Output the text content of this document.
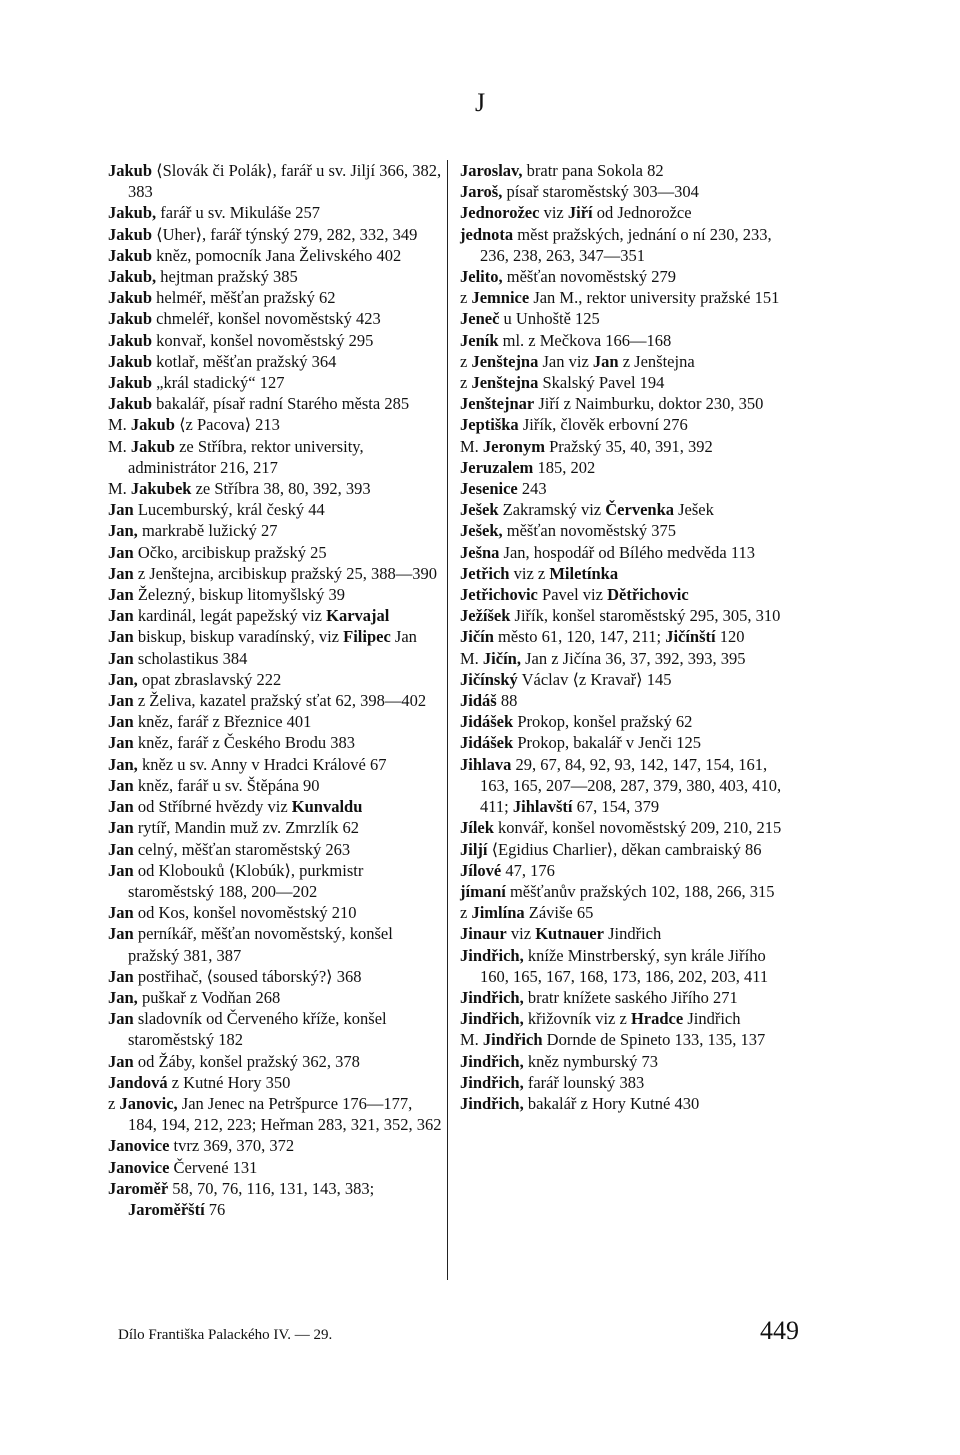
J

Jakub ⟨Slovák či Polák⟩, farář u sv. Jiljí 366, 382, 383

Jakub, farář u sv. Mikuláše 257

Jakub ⟨Uher⟩, farář týnský 279, 282, 332, 349

Jakub kněz, pomocník Jana Želivského 402

Jakub, hejtman pražský 385

Jakub helméř, měšťan pražský 62

Jakub chmeléř, konšel novoměstský 423

Jakub konvař, konšel novoměstský 295

Jakub kotlař, měšťan pražský 364

Jakub „král stadický“ 127

Jakub bakalář, písař radní Starého města 285

M. Jakub ⟨z Pacova⟩ 213

M. Jakub ze Stříbra, rektor university, administrátor 216, 217

M. Jakubek ze Stříbra 38, 80, 392, 393

Jan Lucemburský, král český 44

Jan, markrabě lužický 27

Jan Očko, arcibiskup pražský 25

Jan z Jenštejna, arcibiskup pražský 25, 388—390

Jan Železný, biskup litomyšlský 39

Jan kardinál, legát papežský viz Karvajal

Jan biskup, biskup varadínský, viz Filipec Jan

Jan scholastikus 384

Jan, opat zbraslavský 222

Jan z Želiva, kazatel pražský sťat 62, 398—402

Jan kněz, farář z Březnice 401

Jan kněz, farář z Českého Brodu 383

Jan, kněz u sv. Anny v Hradci Králové 67

Jan kněz, farář u sv. Štěpána 90

Jan od Stříbrné hvězdy viz Kunvaldu

Jan rytíř, Mandin muž zv. Zmrzlík 62

Jan celný, měšťan staroměstský 263

Jan od Klobouků ⟨Klobúk⟩, purkmistr staroměstský 188, 200—202

Jan od Kos, konšel novoměstský 210

Jan perníkář, měšťan novoměstský, konšel pražský 381, 387

Jan postřihač, ⟨soused táborský?⟩ 368

Jan, puškař z Vodňan 268

Jan sladovník od Červeného kříže, konšel staroměstský 182

Jan od Žáby, konšel pražský 362, 378

Jandová z Kutné Hory 350

z Janovic, Jan Jenec na Petršpurce 176—177, 184, 194, 212, 223; Heřman 283, 321, 352, 362

Janovice tvrz 369, 370, 372

Janovice Červené 131

Jaroměř 58, 70, 76, 116, 131, 143, 383; Jaroměřští 76

Jaroslav, bratr pana Sokola 82

Jaroš, písař staroměstský 303—304

Jednorožec viz Jiří od Jednorožce

jednota měst pražských, jednání o ní 230, 233, 236, 238, 263, 347—351

Jelito, měšťan novoměstský 279

z Jemnice Jan M., rektor university pražské 151

Jeneč u Unhoště 125

Jeník ml. z Mečkova 166—168

z Jenštejna Jan viz Jan z Jenštejna

z Jenštejna Skalský Pavel 194

Jenštejnar Jiří z Naimburku, doktor 230, 350

Jeptiška Jiřík, člověk erbovní 276

M. Jeronym Pražský 35, 40, 391, 392

Jeruzalem 185, 202

Jesenice 243

Ješek Zakramský viz Červenka Ješek

Ješek, měšťan novoměstský 375

Ješna Jan, hospodář od Bílého medvěda 113

Jetřich viz z Miletínka

Jetřichovic Pavel viz Dětřichovic

Ježíšek Jiřík, konšel staroměstský 295, 305, 310

Jičín město 61, 120, 147, 211; Jičínští 120

M. Jičín, Jan z Jičína 36, 37, 392, 393, 395

Jičínský Václav ⟨z Kravař⟩ 145

Jidáš 88

Jidášek Prokop, konšel pražský 62

Jidášek Prokop, bakalář v Jenči 125

Jihlava 29, 67, 84, 92, 93, 142, 147, 154, 161, 163, 165, 207—208, 287, 379, 380, 403, 410, 411; Jihlavští 67, 154, 379

Jílek konvář, konšel novoměstský 209, 210, 215

Jiljí ⟨Egidius Charlier⟩, děkan cambraiský 86

Jílové 47, 176

jímaní měšťanův pražských 102, 188, 266, 315

z Jimlína Záviše 65

Jinaur viz Kutnauer Jindřich

Jindřich, kníže Minstrberský, syn krále Jiřího 160, 165, 167, 168, 173, 186, 202, 203, 411

Jindřich, bratr knížete saského Jiřího 271

Jindřich, křižovník viz z Hradce Jindřich

M. Jindřich Dornde de Spineto 133, 135, 137

Jindřich, kněz nymburský 73

Jindřich, farář lounský 383

Jindřich, bakalář z Hory Kutné 430

Dílo Františka Palackého IV. — 29.	449
